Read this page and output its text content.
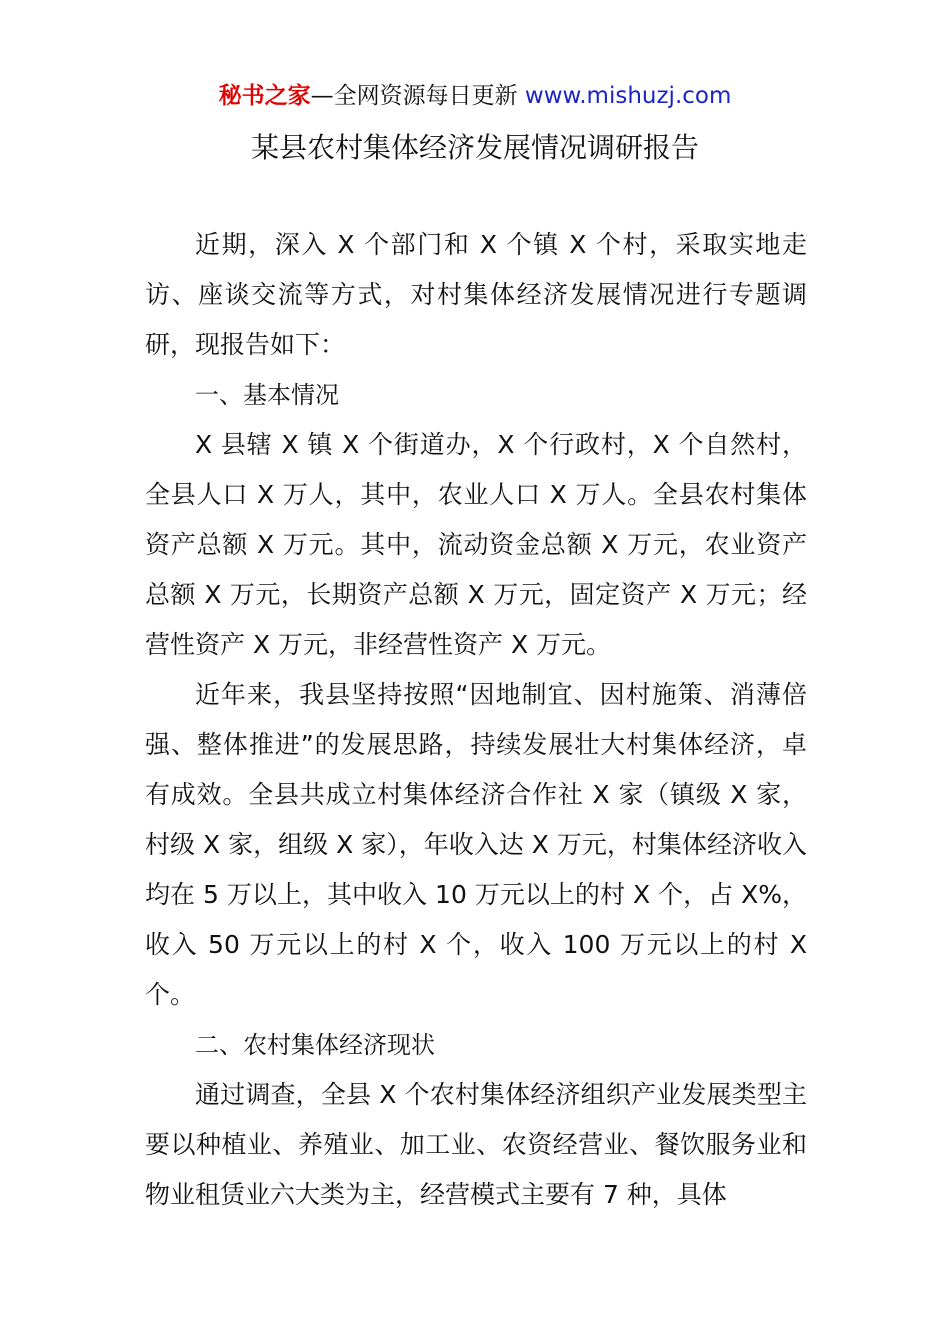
秘书之家—全网资源每日更新 www.mishuzj.com
某县农村集体经济发展情况调研报告

近期，深入 X 个部门和 X 个镇 X 个村，采取实地走访、座谈交流等方式，对村集体经济发展情况进行专题调研，现报告如下：

一、基本情况

X 县辖 X 镇 X 个街道办，X 个行政村，X 个自然村，全县人口 X 万人，其中，农业人口 X 万人。全县农村集体资产总额 X 万元。其中，流动资金总额 X 万元，农业资产总额 X 万元，长期资产总额 X 万元，固定资产 X 万元；经营性资产 X 万元，非经营性资产 X 万元。

近年来，我县坚持按照“因地制宜、因村施策、消薄倍强、整体推进”的发展思路，持续发展壮大村集体经济，卓有成效。全县共成立村集体经济合作社 X 家（镇级 X 家，村级 X 家，组级 X 家），年收入达 X 万元，村集体经济收入均在 5 万以上，其中收入 10 万元以上的村 X 个，占 X%，收入 50 万元以上的村 X 个，收入 100 万元以上的村 X 个。

二、农村集体经济现状

通过调查，全县 X 个农村集体经济组织产业发展类型主要以种植业、养殖业、加工业、农资经营业、餐饮服务业和物业租赁业六大类为主，经营模式主要有 7 种，具体
